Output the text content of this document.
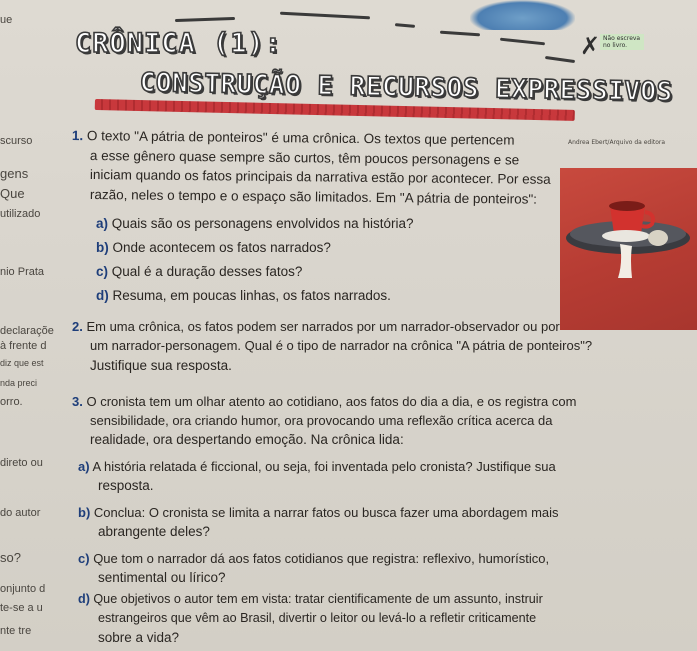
ue
scurso
gens
Que
utilizado
nio Prata
declaraçõe
à frente d
diz que est
nda preci
orro.
direto ou
do autor
so?
onjunto d
te-se a u
nte tre
CRÔNICA (1):
CONSTRUÇÃO E RECURSOS EXPRESSIVOS
✗ Não escreva no livro.
Andrea Ebert/Arquivo da editora
1. O texto "A pátria de ponteiros" é uma crônica. Os textos que pertencem
a esse gênero quase sempre são curtos, têm poucos personagens e se
iniciam quando os fatos principais da narrativa estão por acontecer. Por essa
razão, neles o tempo e o espaço são limitados. Em "A pátria de ponteiros":
a) Quais são os personagens envolvidos na história?
b) Onde acontecem os fatos narrados?
c) Qual é a duração desses fatos?
d) Resuma, em poucas linhas, os fatos narrados.
2. Em uma crônica, os fatos podem ser narrados por um narrador-observador ou por
um narrador-personagem. Qual é o tipo de narrador na crônica "A pátria de ponteiros"?
Justifique sua resposta.
3. O cronista tem um olhar atento ao cotidiano, aos fatos do dia a dia, e os registra com
sensibilidade, ora criando humor, ora provocando uma reflexão crítica acerca da
realidade, ora despertando emoção. Na crônica lida:
a) A história relatada é ficcional, ou seja, foi inventada pelo cronista? Justifique sua
resposta.
b) Conclua: O cronista se limita a narrar fatos ou busca fazer uma abordagem mais
abrangente deles?
c) Que tom o narrador dá aos fatos cotidianos que registra: reflexivo, humorístico,
sentimental ou lírico?
d) Que objetivos o autor tem em vista: tratar cientificamente de um assunto, instruir
estrangeiros que vêm ao Brasil, divertir o leitor ou levá-lo a refletir criticamente
sobre a vida?
